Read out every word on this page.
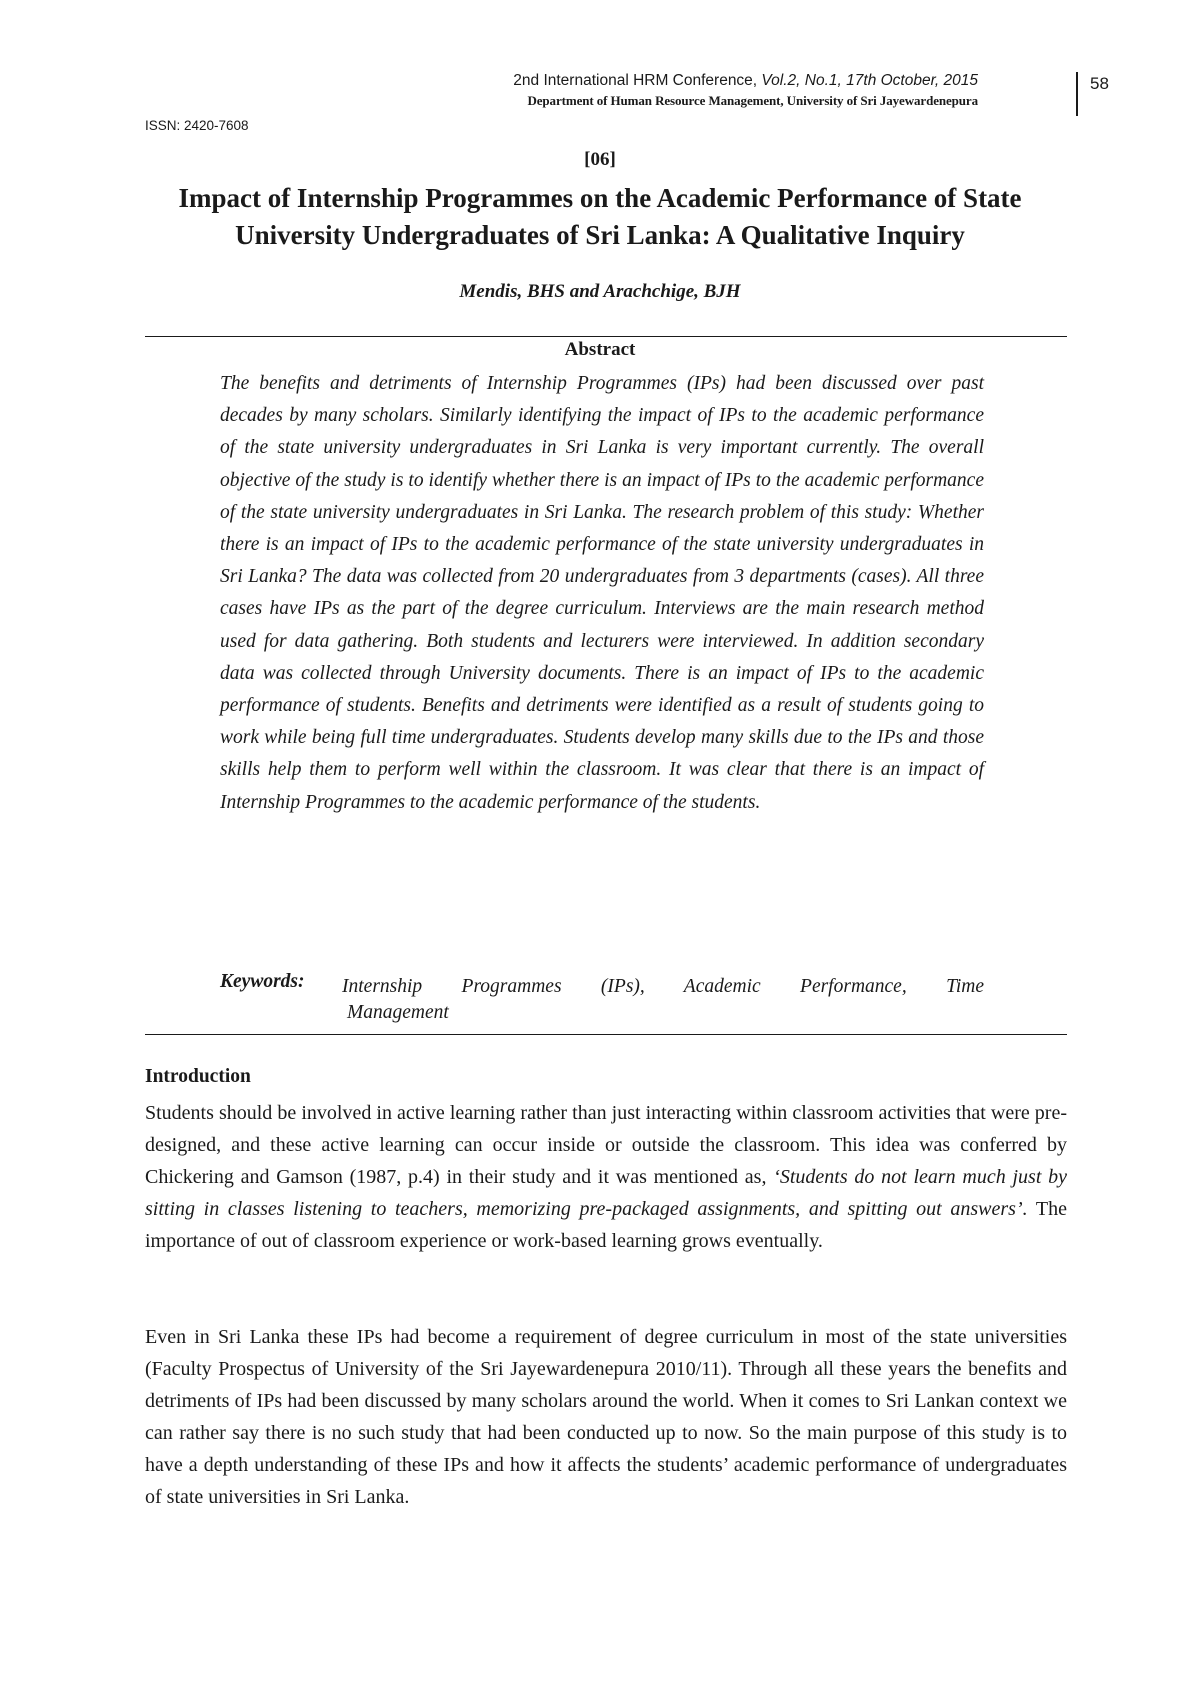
2nd International HRM Conference, Vol.2, No.1, 17th October, 2015
Department of Human Resource Management, University of Sri Jayewardenepura
58
ISSN: 2420-7608
[06]
Impact of Internship Programmes on the Academic Performance of State University Undergraduates of Sri Lanka: A Qualitative Inquiry
Mendis, BHS and Arachchige, BJH
Abstract
The benefits and detriments of Internship Programmes (IPs) had been discussed over past decades by many scholars. Similarly identifying the impact of IPs to the academic performance of the state university undergraduates in Sri Lanka is very important currently. The overall objective of the study is to identify whether there is an impact of IPs to the academic performance of the state university undergraduates in Sri Lanka. The research problem of this study: Whether there is an impact of IPs to the academic performance of the state university undergraduates in Sri Lanka? The data was collected from 20 undergraduates from 3 departments (cases). All three cases have IPs as the part of the degree curriculum. Interviews are the main research method used for data gathering. Both students and lecturers were interviewed. In addition secondary data was collected through University documents. There is an impact of IPs to the academic performance of students. Benefits and detriments were identified as a result of students going to work while being full time undergraduates. Students develop many skills due to the IPs and those skills help them to perform well within the classroom. It was clear that there is an impact of Internship Programmes to the academic performance of the students.
Keywords: Internship Programmes (IPs), Academic Performance, Time
Management
Introduction
Students should be involved in active learning rather than just interacting within classroom activities that were pre-designed, and these active learning can occur inside or outside the classroom. This idea was conferred by Chickering and Gamson (1987, p.4) in their study and it was mentioned as, ‘Students do not learn much just by sitting in classes listening to teachers, memorizing pre-packaged assignments, and spitting out answers’. The importance of out of classroom experience or work-based learning grows eventually.
Even in Sri Lanka these IPs had become a requirement of degree curriculum in most of the state universities (Faculty Prospectus of University of the Sri Jayewardenepura 2010/11). Through all these years the benefits and detriments of IPs had been discussed by many scholars around the world. When it comes to Sri Lankan context we can rather say there is no such study that had been conducted up to now. So the main purpose of this study is to have a depth understanding of these IPs and how it affects the students’ academic performance of undergraduates of state universities in Sri Lanka.
